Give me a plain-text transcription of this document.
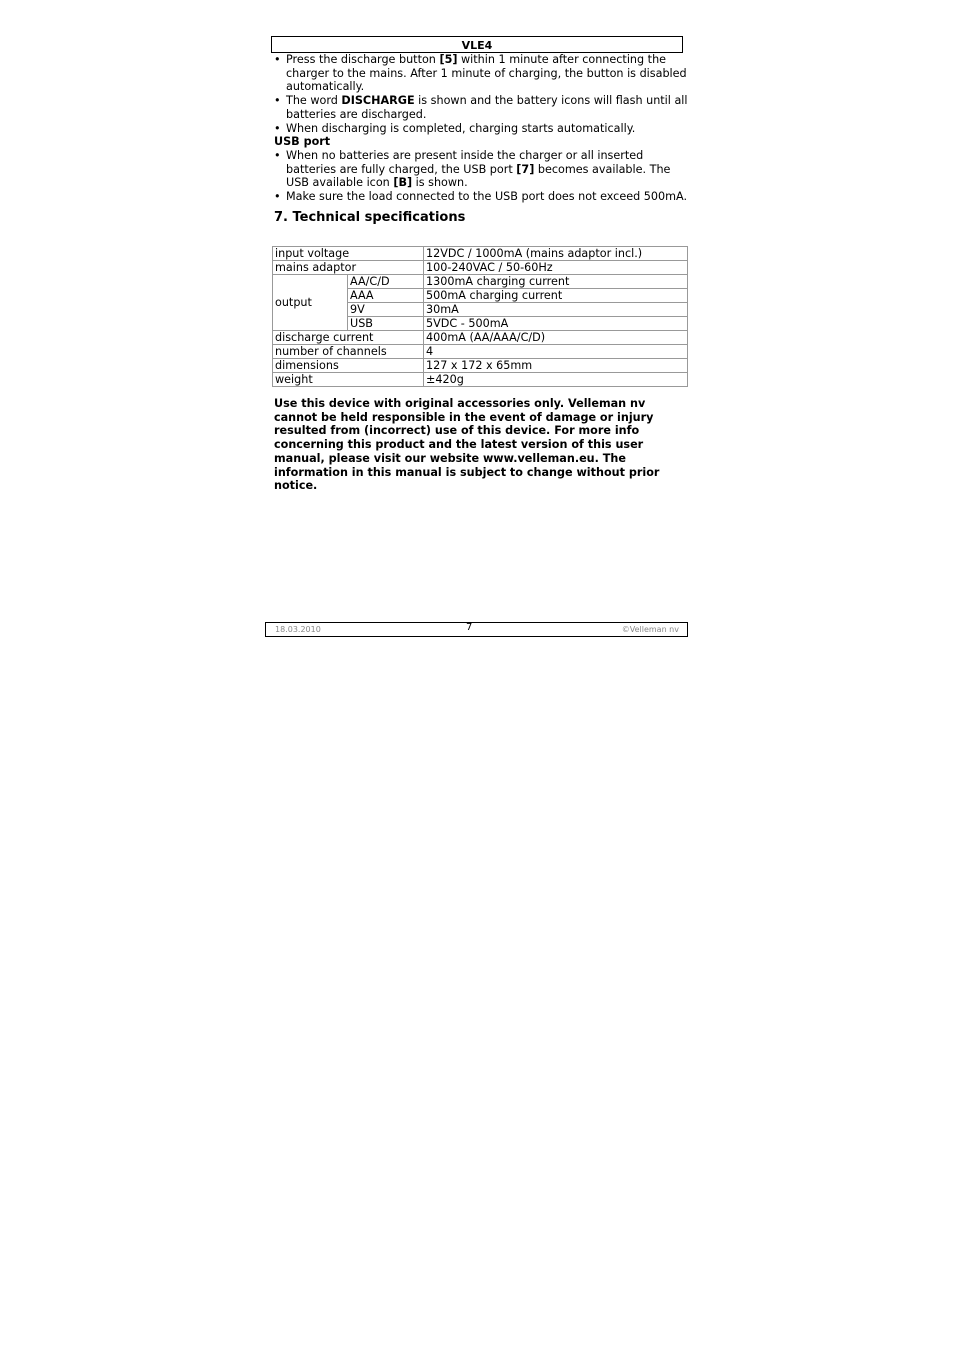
VLE4
• Press the discharge button [5] within 1 minute after connecting the charger to the mains. After 1 minute of charging, the button is disabled automatically.
• The word DISCHARGE is shown and the battery icons will flash until all batteries are discharged.
• When discharging is completed, charging starts automatically.
USB port
• When no batteries are present inside the charger or all inserted batteries are fully charged, the USB port [7] becomes available. The USB available icon [B] is shown.
• Make sure the load connected to the USB port does not exceed 500mA.
7. Technical specifications
input voltage		12VDC / 1000mA (mains adaptor incl.)
mains adaptor		100-240VAC / 50-60Hz
output	AA/C/D	1300mA charging current
	AAA	500mA charging current
	9V	30mA
	USB	5VDC - 500mA
discharge current		400mA (AA/AAA/C/D)
number of channels		4
dimensions		127 x 172 x 65mm
weight		±420g
Use this device with original accessories only. Velleman nv cannot be held responsible in the event of damage or injury resulted from (incorrect) use of this device. For more info concerning this product and the latest version of this user manual, please visit our website www.velleman.eu. The information in this manual is subject to change without prior notice.
18.03.2010	7	©Velleman nv
